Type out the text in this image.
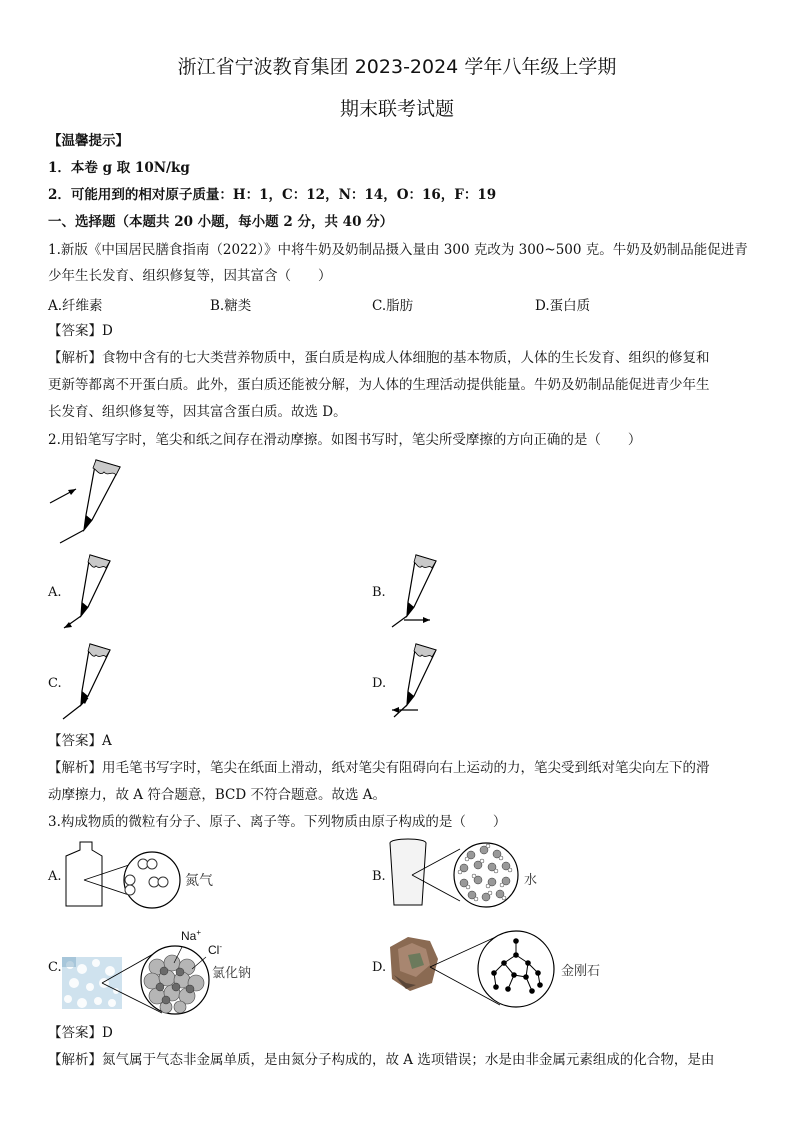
浙江省宁波教育集团 2023-2024 学年八年级上学期
期末联考试题
【温馨提示】
1．本卷 g 取 10N/kg
2．可能用到的相对原子质量：H：1，C：12，N：14，O：16，F：19
一、选择题（本题共 20 小题，每小题 2 分，共 40 分）
1.新版《中国居民膳食指南（2022）》中将牛奶及奶制品摄入量由 300 克改为 300~500 克。牛奶及奶制品能促进青
少年生长发育、组织修复等，因其富含（　　）
A.纤维素	B.糖类	C.脂肪	D.蛋白质
【答案】D
【解析】食物中含有的七大类营养物质中，蛋白质是构成人体细胞的基本物质，人体的生长发育、组织的修复和
更新等都离不开蛋白质。此外，蛋白质还能被分解，为人体的生理活动提供能量。牛奶及奶制品能促进青少年生
长发育、组织修复等，因其富含蛋白质。故选 D。
2.用铅笔写字时，笔尖和纸之间存在滑动摩擦。如图书写时，笔尖所受摩擦的方向正确的是（　　）
A.	B.
C.	D.
【答案】A
【解析】用毛笔书写字时，笔尖在纸面上滑动，纸对笔尖有阻碍向右上运动的力，笔尖受到纸对笔尖向左下的滑
动摩擦力，故 A 符合题意，BCD 不符合题意。故选 A。
3.构成物质的微粒有分子、原子、离子等。下列物质由原子构成的是（　　）
A.	氮气	B.	水
C.
Na+
Cl-
氯化钠	D.	金刚石
【答案】D
【解析】氮气属于气态非金属单质，是由氮分子构成的，故 A 选项错误；水是由非金属元素组成的化合物，是由
